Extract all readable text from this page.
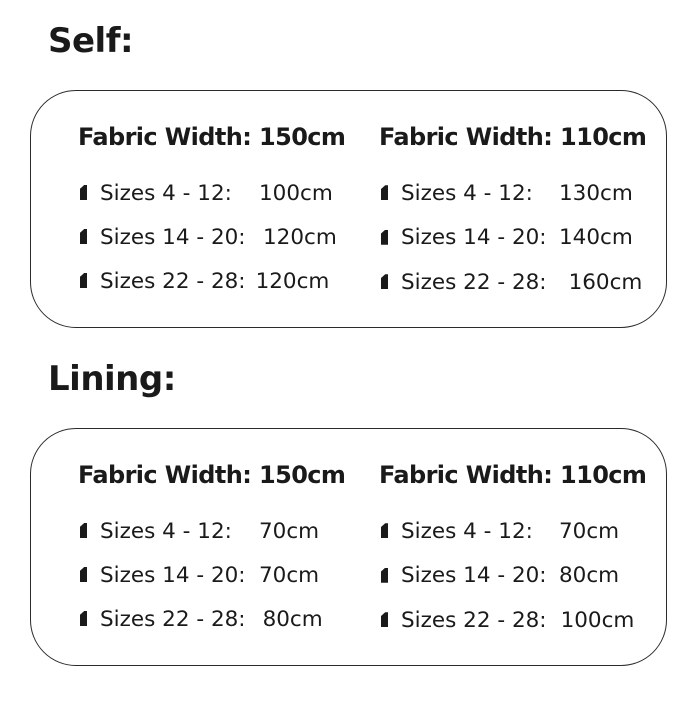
Self:
Fabric Width: 150cm
Sizes 4 - 12:	100cm
Sizes 14 - 20: 120cm
Sizes 22 - 28: 120cm
Fabric Width: 110cm
Sizes 4 - 12:	130cm
Sizes 14 - 20: 140cm
Sizes 22 - 28: 160cm
Lining:
Fabric Width: 150cm
Sizes 4 - 12:	70cm
Sizes 14 - 20: 70cm
Sizes 22 - 28: 80cm
Fabric Width: 110cm
Sizes 4 - 12:	70cm
Sizes 14 - 20: 80cm
Sizes 22 - 28: 100cm
